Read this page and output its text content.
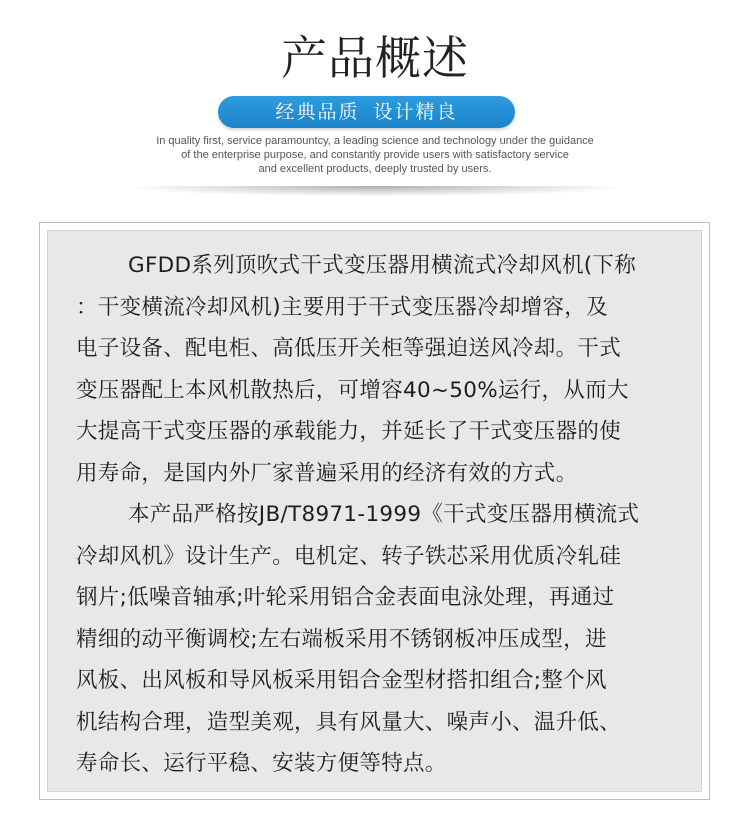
产品概述
经典品质 设计精良
In quality first, service paramountcy, a leading science and technology under the guidance
of the enterprise purpose, and constantly provide users with satisfactory service
and excellent products, deeply trusted by users.

GFDD系列顶吹式干式变压器用横流式冷却风机(下称
：干变横流冷却风机)主要用于干式变压器冷却增容，及
电子设备、配电柜、高低压开关柜等强迫送风冷却。干式
变压器配上本风机散热后，可增容40~50%运行，从而大
大提高干式变压器的承载能力，并延长了干式变压器的使
用寿命，是国内外厂家普遍采用的经济有效的方式。

本产品严格按JB/T8971-1999《干式变压器用横流式
冷却风机》设计生产。电机定、转子铁芯采用优质冷轧硅
钢片;低噪音轴承;叶轮采用铝合金表面电泳处理，再通过
精细的动平衡调校;左右端板采用不锈钢板冲压成型，进
风板、出风板和导风板采用铝合金型材搭扣组合;整个风
机结构合理，造型美观，具有风量大、噪声小、温升低、
寿命长、运行平稳、安装方便等特点。
